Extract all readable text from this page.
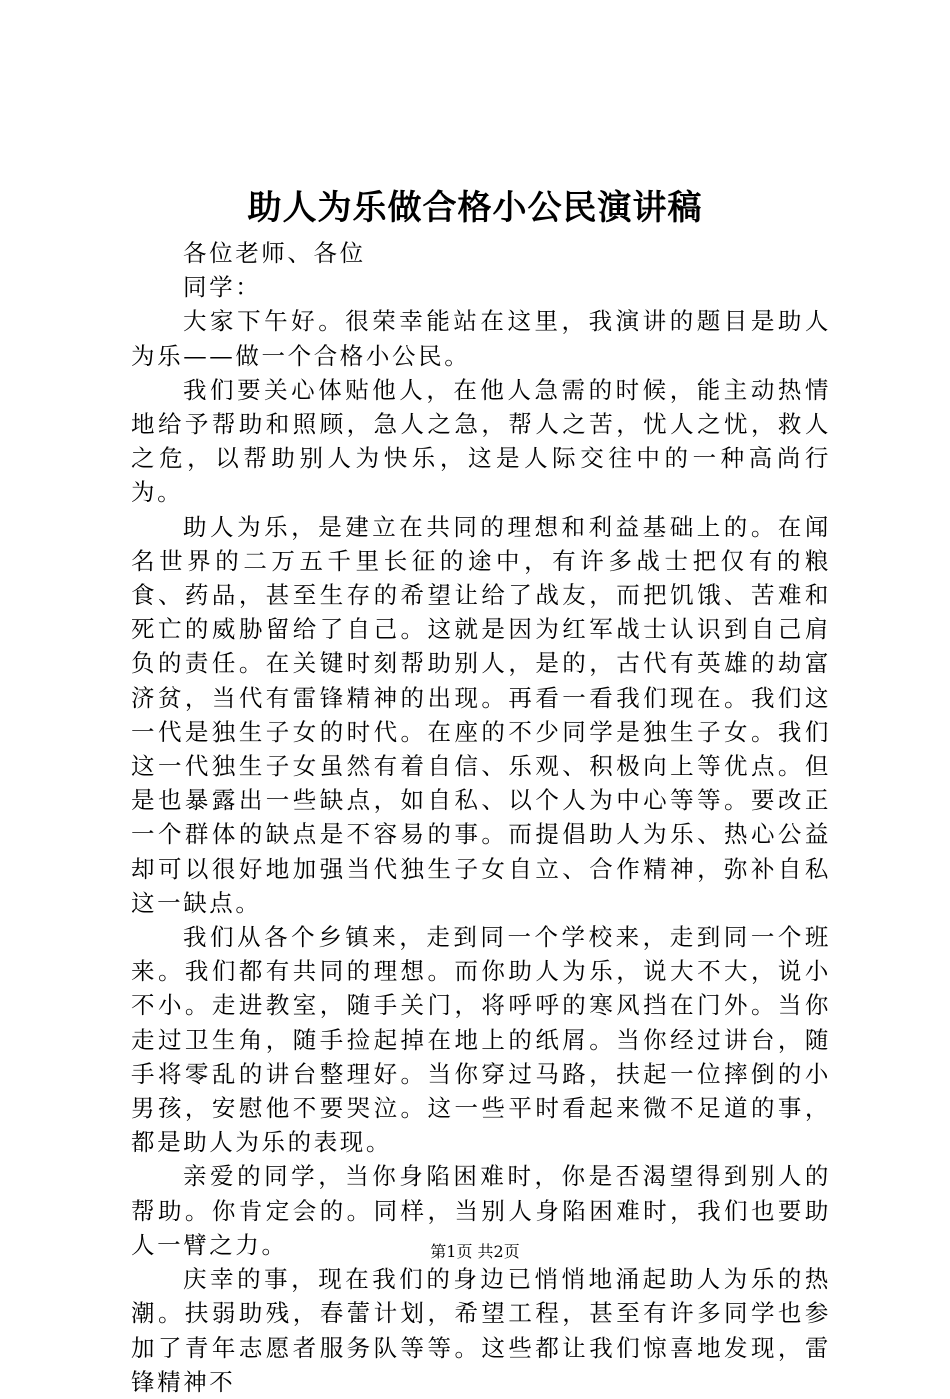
助人为乐做合格小公民演讲稿

各位老师、各位

同学：

大家下午好。很荣幸能站在这里，我演讲的题目是助人为乐——做一个合格小公民。

我们要关心体贴他人，在他人急需的时候，能主动热情地给予帮助和照顾，急人之急，帮人之苦，忧人之忧，救人之危，以帮助别人为快乐，这是人际交往中的一种高尚行为。

助人为乐，是建立在共同的理想和利益基础上的。在闻名世界的二万五千里长征的途中，有许多战士把仅有的粮食、药品，甚至生存的希望让给了战友，而把饥饿、苦难和死亡的威胁留给了自己。这就是因为红军战士认识到自己肩负的责任。在关键时刻帮助别人，是的，古代有英雄的劫富济贫，当代有雷锋精神的出现。再看一看我们现在。我们这一代是独生子女的时代。在座的不少同学是独生子女。我们这一代独生子女虽然有着自信、乐观、积极向上等优点。但是也暴露出一些缺点，如自私、以个人为中心等等。要改正一个群体的缺点是不容易的事。而提倡助人为乐、热心公益却可以很好地加强当代独生子女自立、合作精神，弥补自私这一缺点。

我们从各个乡镇来，走到同一个学校来，走到同一个班来。我们都有共同的理想。而你助人为乐，说大不大，说小不小。走进教室，随手关门，将呼呼的寒风挡在门外。当你走过卫生角，随手捡起掉在地上的纸屑。当你经过讲台，随手将零乱的讲台整理好。当你穿过马路，扶起一位摔倒的小男孩，安慰他不要哭泣。这一些平时看起来微不足道的事，都是助人为乐的表现。

亲爱的同学，当你身陷困难时，你是否渴望得到别人的帮助。你肯定会的。同样，当别人身陷困难时，我们也要助人一臂之力。

庆幸的事，现在我们的身边已悄悄地涌起助人为乐的热潮。扶弱助残，春蕾计划，希望工程，甚至有许多同学也参加了青年志愿者服务队等等。这些都让我们惊喜地发现，雷锋精神不

第1页 共2页
